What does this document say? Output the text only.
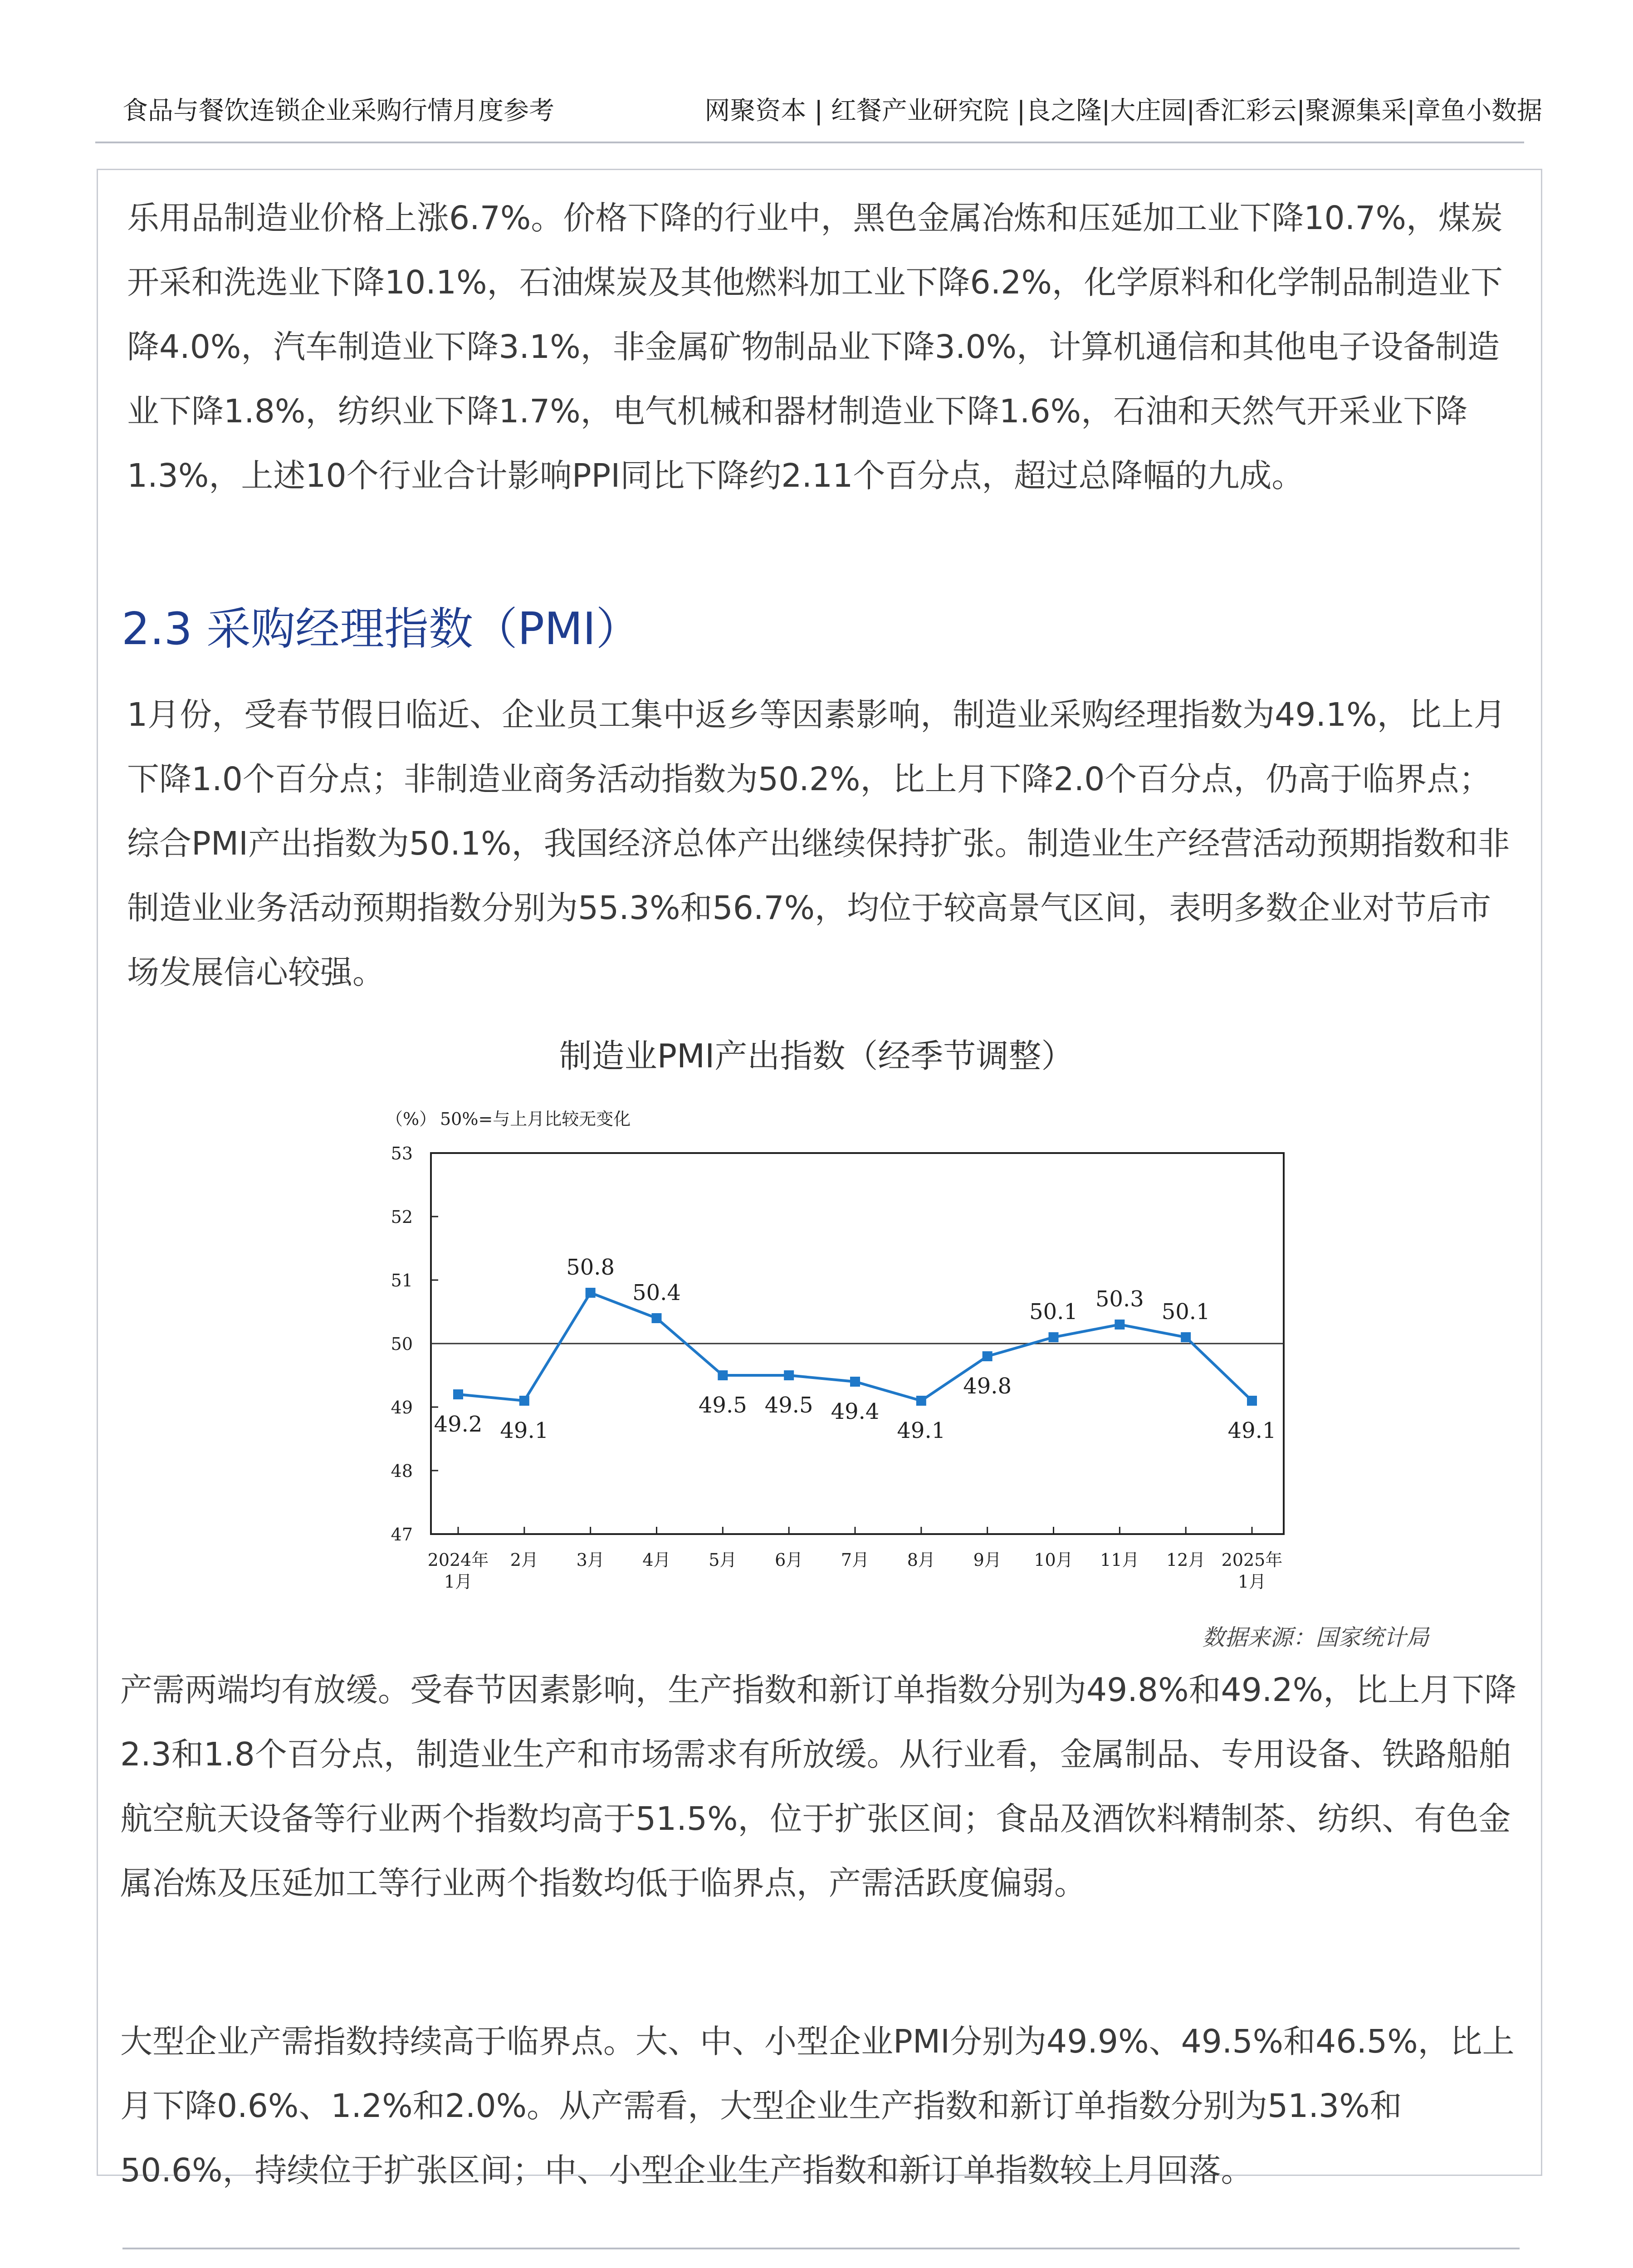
食品与餐饮连锁企业采购行情月度参考	网聚资本 | 红餐产业研究院 |良之隆|大庄园|香汇彩云|聚源集采|章鱼小数据

乐用品制造业价格上涨6.7%。价格下降的行业中，黑色金属冶炼和压延加工业下降10.7%，煤炭开采和洗选业下降10.1%，石油煤炭及其他燃料加工业下降6.2%，化学原料和化学制品制造业下降4.0%，汽车制造业下降3.1%，非金属矿物制品业下降3.0%，计算机通信和其他电子设备制造业下降1.8%，纺织业下降1.7%，电气机械和器材制造业下降1.6%，石油和天然气开采业下降1.3%，上述10个行业合计影响PPI同比下降约2.11个百分点，超过总降幅的九成。

2.3 采购经理指数（PMI）

1月份，受春节假日临近、企业员工集中返乡等因素影响，制造业采购经理指数为49.1%，比上月下降1.0个百分点；非制造业商务活动指数为50.2%，比上月下降2.0个百分点，仍高于临界点；综合PMI产出指数为50.1%，我国经济总体产出继续保持扩张。制造业生产经营活动预期指数和非制造业业务活动预期指数分别为55.3%和56.7%，均位于较高景气区间，表明多数企业对节后市场发展信心较强。

制造业PMI产出指数（经季节调整）
（%） 50%=与上月比较无变化
53
52
51
50
49
48
47
2024年
1月
2月 3月 4月 5月 6月 7月 8月 9月 10月 11月 12月 2025年
1月
49.2 49.1
50.8
50.4
49.5 49.5 49.4
49.1
49.8
50.1 50.3 50.1
49.1
数据来源：国家统计局

产需两端均有放缓。受春节因素影响，生产指数和新订单指数分别为49.8%和49.2%，比上月下降2.3和1.8个百分点，制造业生产和市场需求有所放缓。从行业看，金属制品、专用设备、铁路船舶航空航天设备等行业两个指数均高于51.5%，位于扩张区间；食品及酒饮料精制茶、纺织、有色金属冶炼及压延加工等行业两个指数均低于临界点，产需活跃度偏弱。

大型企业产需指数持续高于临界点。大、中、小型企业PMI分别为49.9%、49.5%和46.5%，比上月下降0.6%、1.2%和2.0%。从产需看，大型企业生产指数和新订单指数分别为51.3%和50.6%，持续位于扩张区间；中、小型企业生产指数和新订单指数较上月回落。
